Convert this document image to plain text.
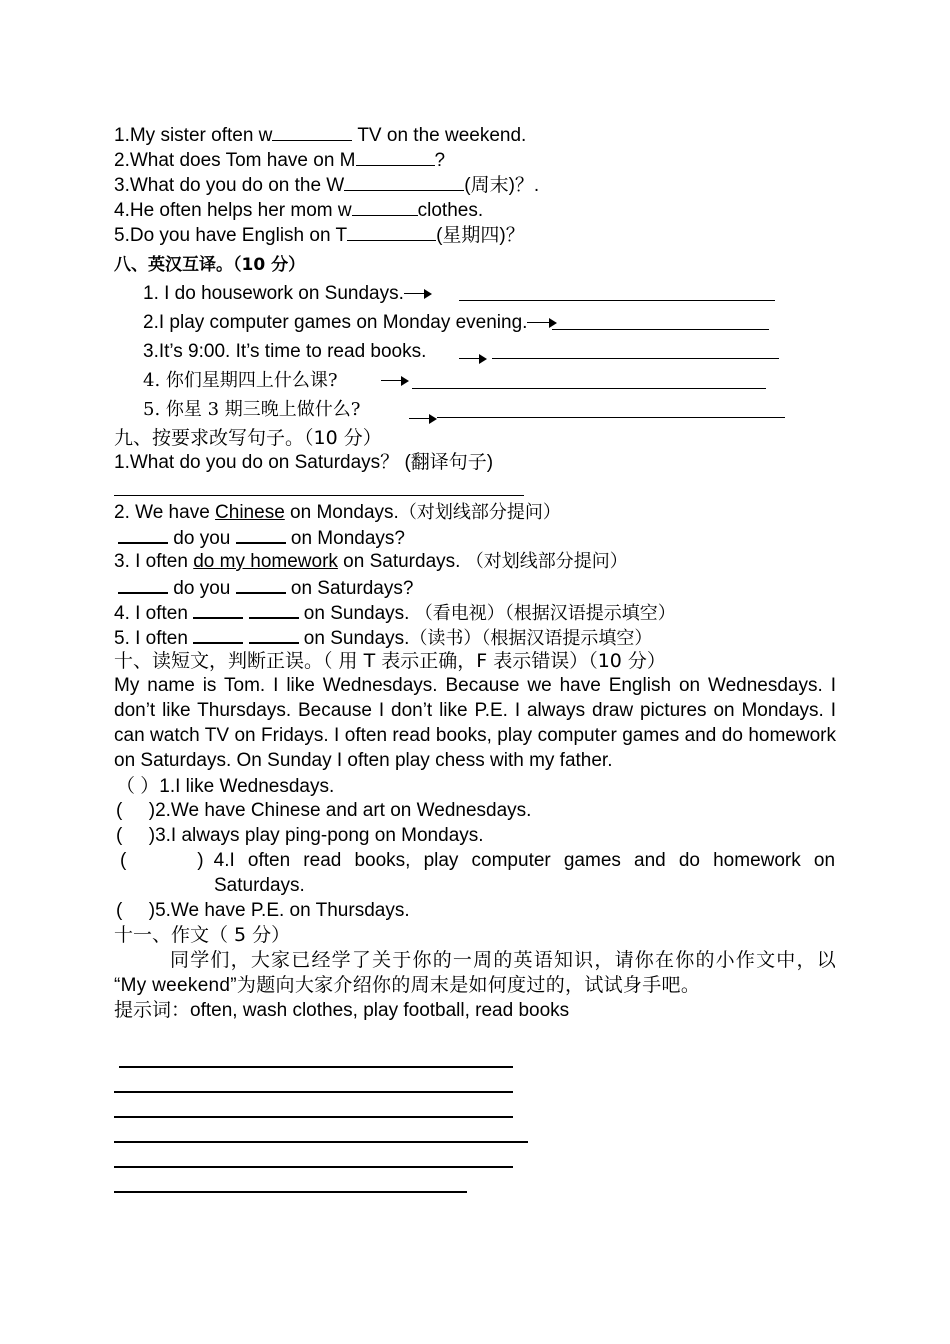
1.My sister often w	TV on the weekend.
2.What does Tom have on M	?
3.What do you do on the W	(周末)？.
4.He often helps her mom w	clothes.
5.Do you have English on T	(星期四)？
八、英汉互译。（10 分）
1. I do housework on Sundays.
2.I play computer games on Monday evening.
3.It’s 9:00. It’s time to read books.
4. 你们星期四上什么课?
5. 你星 3 期三晚上做什么?
九、按要求改写句子。（10 分）
1.What do you do on Saturdays？ (翻译句子)
2. We have Chinese on Mondays.（对划线部分提问）
do you	on Mondays?
3. I often do my homework on Saturdays. （对划线部分提问）
do you	on Saturdays?
4. I often	on Sundays. （看电视）（根据汉语提示填空）
5. I often	on Sundays.（读书）（根据汉语提示填空）
十、读短文，判断正误。（ 用 T 表示正确，F 表示错误）（10 分）
My name is Tom. I like Wednesdays. Because we have English on Wednesdays. I don’t like Thursdays. Because I don’t like P.E. I always draw pictures on Mondays. I can watch TV on Fridays. I often read books, play computer games and do homework on Saturdays. On Sunday I often play chess with my father.
（ ）1.I like Wednesdays.
(     )2.We have Chinese and art on Wednesdays.
(     )3.I always play ping-pong on Mondays.
(       ) 4.I often read books, play computer games and do homework on
Saturdays.
(     )5.We have P.E. on Thursdays.
十一、作文（ 5 分）
同学们，大家已经学了关于你的一周的英语知识，请你在你的小作文中，以 “My weekend”为题向大家介绍你的周末是如何度过的，试试身手吧。
提示词：often, wash clothes, play football, read books
